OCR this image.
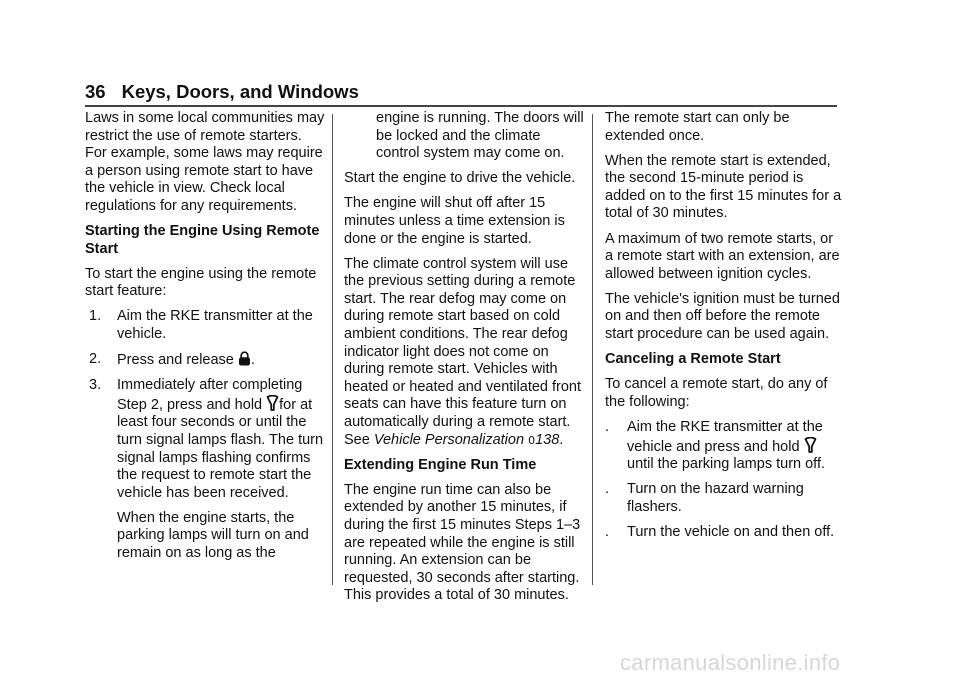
36 Keys, Doors, and Windows

Laws in some local communities may restrict the use of remote starters. For example, some laws may require a person using remote start to have the vehicle in view. Check local regulations for any requirements.

Starting the Engine Using Remote Start

To start the engine using the remote start feature:

1.	Aim the RKE transmitter at the vehicle.
2.	Press and release .
3.	Immediately after completing Step 2, press and hold for at least four seconds or until the turn signal lamps flash. The turn signal lamps flashing confirms the request to remote start the vehicle has been received.

When the engine starts, the parking lamps will turn on and remain on as long as the

engine is running. The doors will be locked and the climate control system may come on.

Start the engine to drive the vehicle.

The engine will shut off after 15 minutes unless a time extension is done or the engine is started.

The climate control system will use the previous setting during a remote start. The rear defog may come on during remote start based on cold ambient conditions. The rear defog indicator light does not come on during remote start. Vehicles with heated or heated and ventilated front seats can have this feature turn on automatically during a remote start. See Vehicle Personalization 0138.

Extending Engine Run Time

The engine run time can also be extended by another 15 minutes, if during the first 15 minutes Steps 1–3 are repeated while the engine is still running. An extension can be requested, 30 seconds after starting. This provides a total of 30 minutes.

The remote start can only be extended once.

When the remote start is extended, the second 15-minute period is added on to the first 15 minutes for a total of 30 minutes.

A maximum of two remote starts, or a remote start with an extension, are allowed between ignition cycles.

The vehicle's ignition must be turned on and then off before the remote start procedure can be used again.

Canceling a Remote Start

To cancel a remote start, do any of the following:

.	Aim the RKE transmitter at the vehicle and press and hold  until the parking lamps turn off.
.	Turn on the hazard warning flashers.
.	Turn the vehicle on and then off.
carmanualsonline.info
